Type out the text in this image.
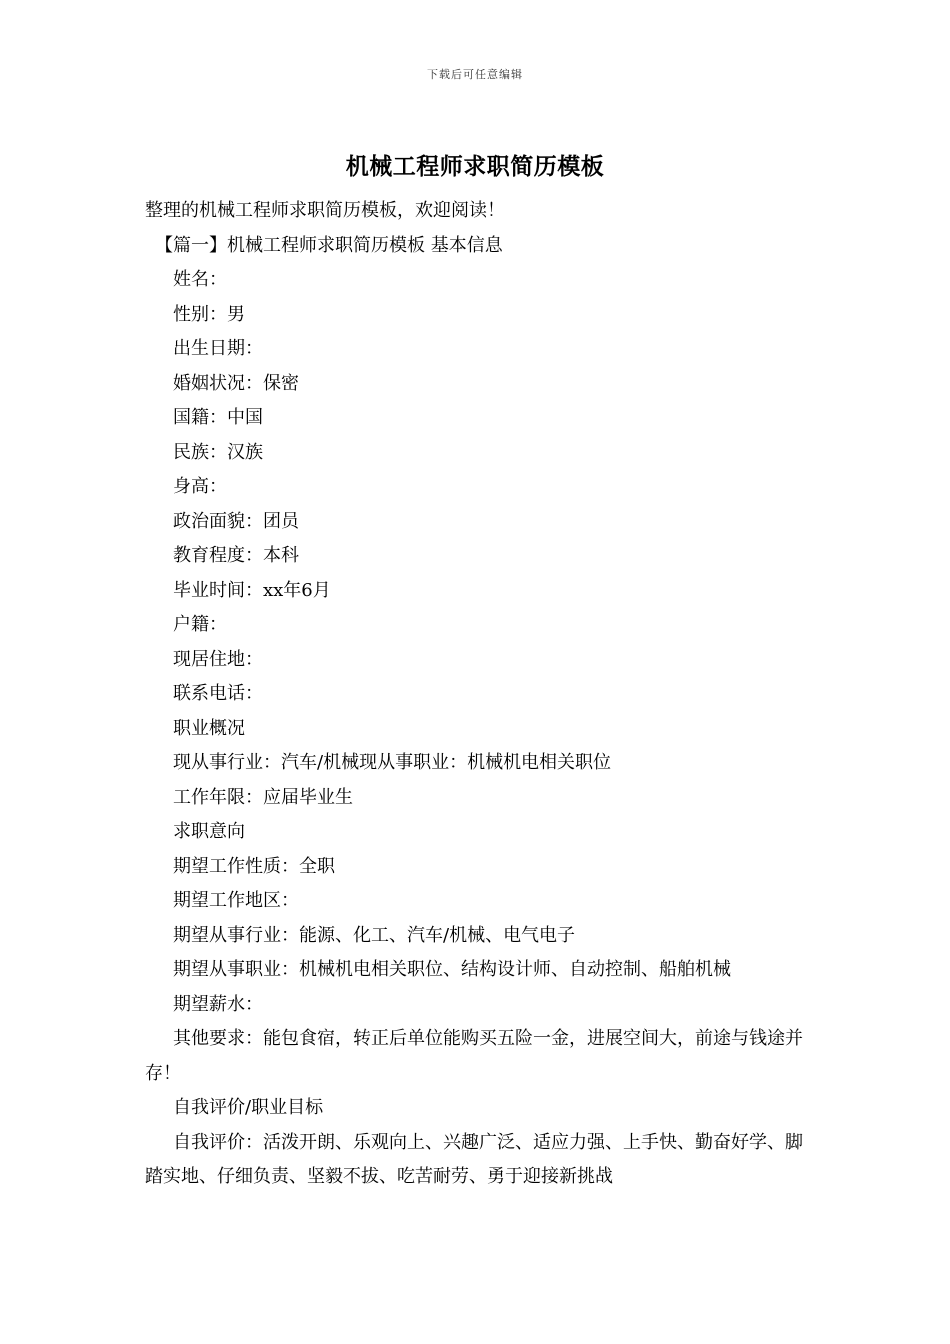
下载后可任意编辑
机械工程师求职简历模板

整理的机械工程师求职简历模板，欢迎阅读！

【篇一】机械工程师求职简历模板 基本信息

姓名：

性别：男

出生日期：

婚姻状况：保密

国籍：中国

民族：汉族

身高：

政治面貌：团员

教育程度：本科

毕业时间：xx年6月

户籍：

现居住地：

联系电话：

职业概况

现从事行业：汽车/机械现从事职业：机械机电相关职位

工作年限：应届毕业生

求职意向

期望工作性质：全职

期望工作地区：

期望从事行业：能源、化工、汽车/机械、电气电子

期望从事职业：机械机电相关职位、结构设计师、自动控制、船舶机械

期望薪水：

其他要求：能包食宿，转正后单位能购买五险一金，进展空间大，前途与钱途并存！

自我评价/职业目标

自我评价：活泼开朗、乐观向上、兴趣广泛、适应力强、上手快、勤奋好学、脚踏实地、仔细负责、坚毅不拔、吃苦耐劳、勇于迎接新挑战
